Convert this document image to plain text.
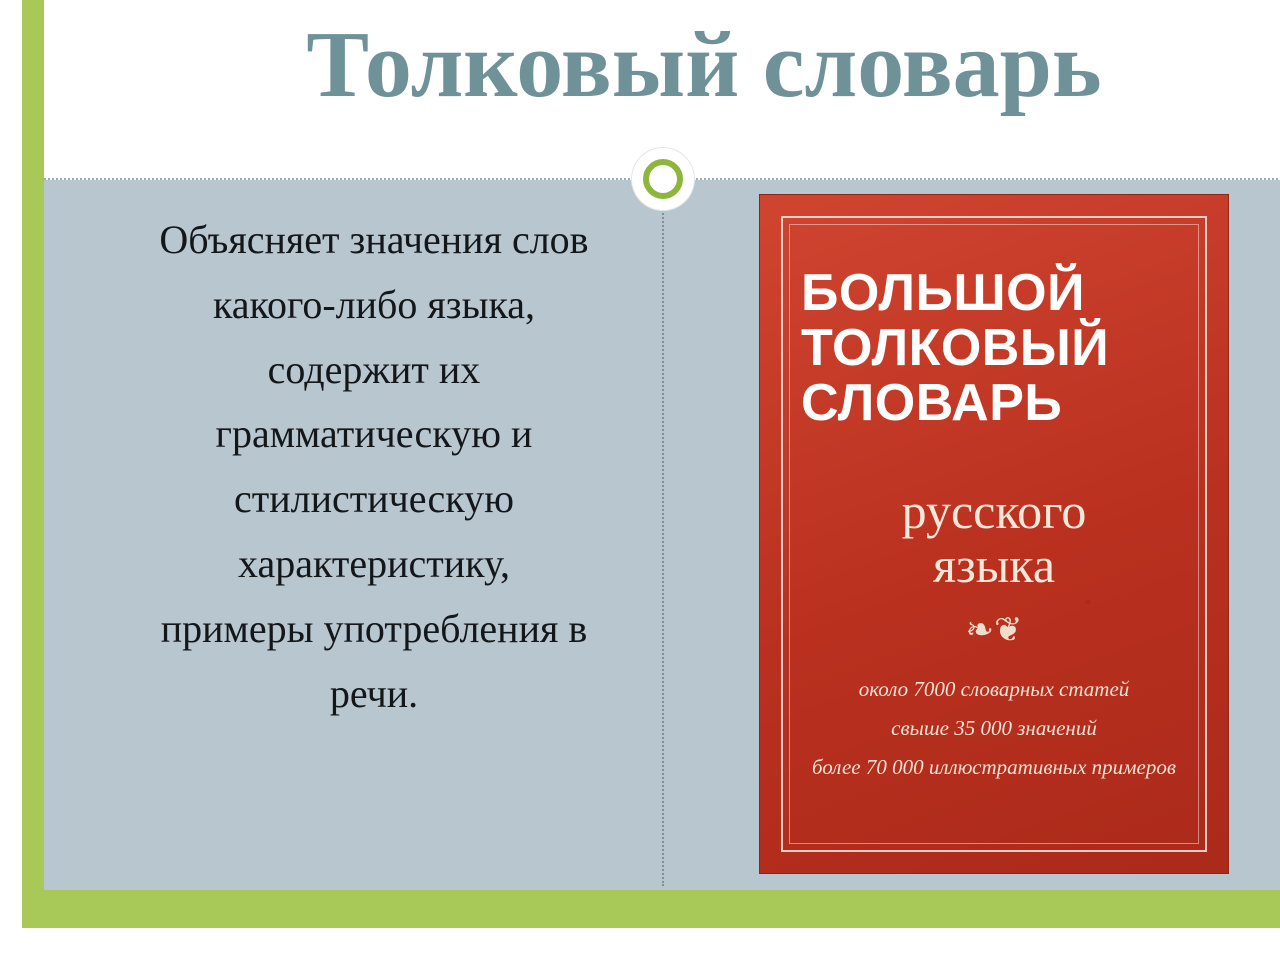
Толковый словарь
Объясняет значения слов
какого-либо языка,
содержит их
грамматическую и
стилистическую
характеристику,
примеры употребления в
речи.
БОЛЬШОЙ
ТОЛКОВЫЙ
СЛОВАРЬ
русского
языка
❧❦
около 7000 словарных статей
свыше 35 000 значений
более 70 000 иллюстративных примеров
